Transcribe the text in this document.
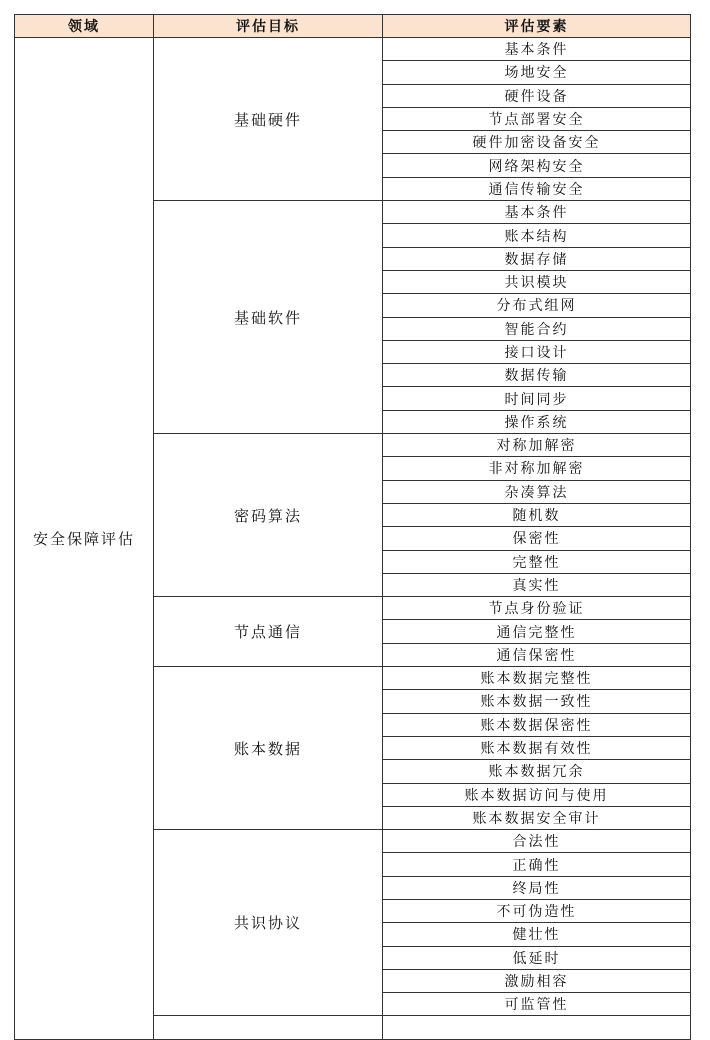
领域	评估目标	评估要素
安全保障评估	基础硬件	基本条件
		场地安全
		硬件设备
		节点部署安全
		硬件加密设备安全
		网络架构安全
		通信传输安全
	基础软件	基本条件
		账本结构
		数据存储
		共识模块
		分布式组网
		智能合约
		接口设计
		数据传输
		时间同步
		操作系统
	密码算法	对称加解密
		非对称加解密
		杂凑算法
		随机数
		保密性
		完整性
		真实性
	节点通信	节点身份验证
		通信完整性
		通信保密性
	账本数据	账本数据完整性
		账本数据一致性
		账本数据保密性
		账本数据有效性
		账本数据冗余
		账本数据访问与使用
		账本数据安全审计
	共识协议	合法性
		正确性
		终局性
		不可伪造性
		健壮性
		低延时
		激励相容
		可监管性
